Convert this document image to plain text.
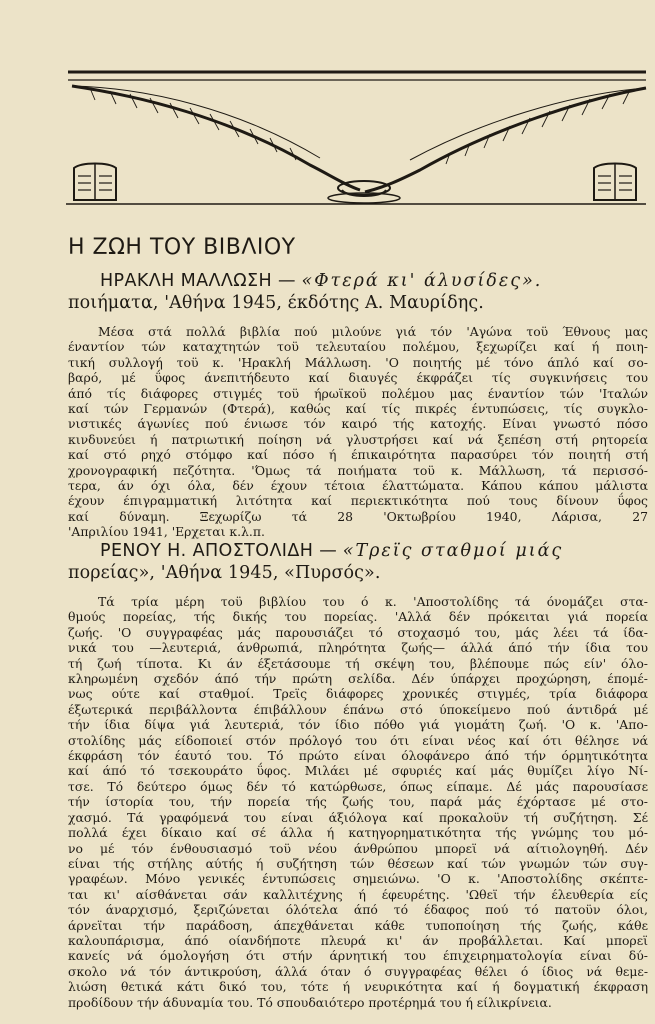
Η ΖΩΗ ΤΟΥ ΒΙΒΛΙΟΥ

ΗΡΑΚΛΗ ΜΑΛΛΩΣΗ — «Φτερά κι' άλυσίδες».
ποιήματα, 'Αθήνα 1945, έκδότης Α. Μαυρίδης.

Μέσα στά πολλά βιβλία πού μιλούνε γιά τόν 'Αγώνα τοϋ Έθνους μας
έναντίον τών καταχτητών τοϋ τελευταίου πολέμου, ξεχωρίζει καί ή ποιη-
τική συλλογή τοϋ κ. 'Ηρακλή Μάλλωση. 'Ο ποιητής μέ τόνο άπλό καί σο-
βαρό, μέ ΰφος άνεπιτήδευτο καί διαυγές έκφράζει τίς συγκινήσεις του
άπό τίς διάφορες στιγμές τοϋ ήρωϊκοϋ πολέμου μας έναντίον τών 'Ιταλών
καί τών Γερμανών (Φτερά), καθώς καί τίς πικρές έντυπώσεις, τίς συγκλο-
νιστικές άγωνίες πού ένιωσε τόν καιρό τής κατοχής. Είναι γνωστό πόσο
κινδυνεύει ή πατριωτική ποίηση νά γλυστρήσει καί νά ξεπέση στή ρητορεία
καί στό ρηχό στόμφο καί πόσο ή έπικαιρότητα παρασύρει τόν ποιητή στή
χρονογραφική πεζότητα. 'Όμως τά ποιήματα τοϋ κ. Μάλλωση, τά περισσό-
τερα, άν όχι όλα, δέν έχουν τέτοια έλαττώματα. Κάπου κάπου μάλιστα
έχουν έπιγραμματική λιτότητα καί περιεκτικότητα πού τους δίνουν ΰφος
καί δύναμη. Ξεχωρίζω τά 28 'Οκτωβρίου 1940, Λάρισα, 27
'Απριλίου 1941, 'Ερχεται κ.λ.π.

ΡΕΝΟΥ Η. ΑΠΟΣΤΟΛΙΔΗ — «Τρεϊς σταθμοί μιάς
πορείας», 'Αθήνα 1945, «Πυρσός».

Τά τρία μέρη τοϋ βιβλίου του ό κ. 'Αποστολίδης τά όνομάζει στα-
θμούς πορείας, τής δικής του πορείας. 'Αλλά δέν πρόκειται γιά πορεία
ζωής. 'Ο συγγραφέας μάς παρουσιάζει τό στοχασμό του, μάς λέει τά ίδα-
νικά του —λευτεριά, άνθρωπιά, πληρότητα ζωής— άλλά άπό τήν ίδια του
τή ζωή τίποτα. Κι άν έξετάσουμε τή σκέψη του, βλέπουμε πώς είν' όλο-
κληρωμένη σχεδόν άπό τήν πρώτη σελίδα. Δέν ύπάρχει προχώρηση, έπομέ-
νως ούτε καί σταθμοί. Τρεϊς διάφορες χρονικές στιγμές, τρία διάφορα
έξωτερικά περιβάλλοντα έπιβάλλουν έπάνω στό ύποκείμενο πού άντιδρά μέ
τήν ίδια δίψα γιά λευτεριά, τόν ίδιο πόθο γιά γιομάτη ζωή. 'Ο κ. 'Απο-
στολίδης μάς είδοποιεί στόν πρόλογό του ότι είναι νέος καί ότι θέλησε νά
έκφράση τόν έαυτό του. Τό πρώτο είναι όλοφάνερο άπό τήν όρμητικότητα
καί άπό τό τσεκουράτο ΰφος. Μιλάει μέ σφυριές καί μάς θυμίζει λίγο Νί-
τσε. Τό δεύτερο όμως δέν τό κατώρθωσε, όπως είπαμε. Δέ μάς παρουσίασε
τήν ίστορία του, τήν πορεία τής ζωής του, παρά μάς έχόρτασε μέ στο-
χασμό. Τά γραφόμενά του είναι άξιόλογα καί προκαλοϋν τή συζήτηση. Σέ
πολλά έχει δίκαιο καί σέ άλλα ή κατηγορηματικότητα τής γνώμης του μό-
νο μέ τόν ένθουσιασμό τοϋ νέου άνθρώπου μπορεϊ νά αίτιολογηθή. Δέν
είναι τής στήλης αύτής ή συζήτηση τών θέσεων καί τών γνωμών τών συγ-
γραφέων. Μόνο γενικές έντυπώσεις σημειώνω. 'Ο κ. 'Αποστολίδης σκέπτε-
ται κι' αίσθάνεται σάν καλλιτέχνης ή έφευρέτης. 'Ωθεϊ τήν έλευθερία είς
τόν άναρχισμό, ξεριζώνεται όλότελα άπό τό έδαφος πού τό πατοϋν όλοι,
άρνεϊται τήν παράδοση, άπεχθάνεται κάθε τυποποίηση τής ζωής, κάθε
καλουπάρισμα, άπό οίανδήποτε πλευρά κι' άν προβάλλεται. Καί μπορεϊ
κανείς νά όμολογήση ότι στήν άρνητική του έπιχειρηματολογία είναι δύ-
σκολο νά τόν άντικρούση, άλλά όταν ό συγγραφέας θέλει ό ίδιος νά θεμε-
λιώση θετικά κάτι δικό του, τότε ή νευρικότητα καί ή δογματική έκφραση
προδίδουν τήν άδυναμία του. Τό σπουδαιότερο προτέρημά του ή είλικρίνεια.
